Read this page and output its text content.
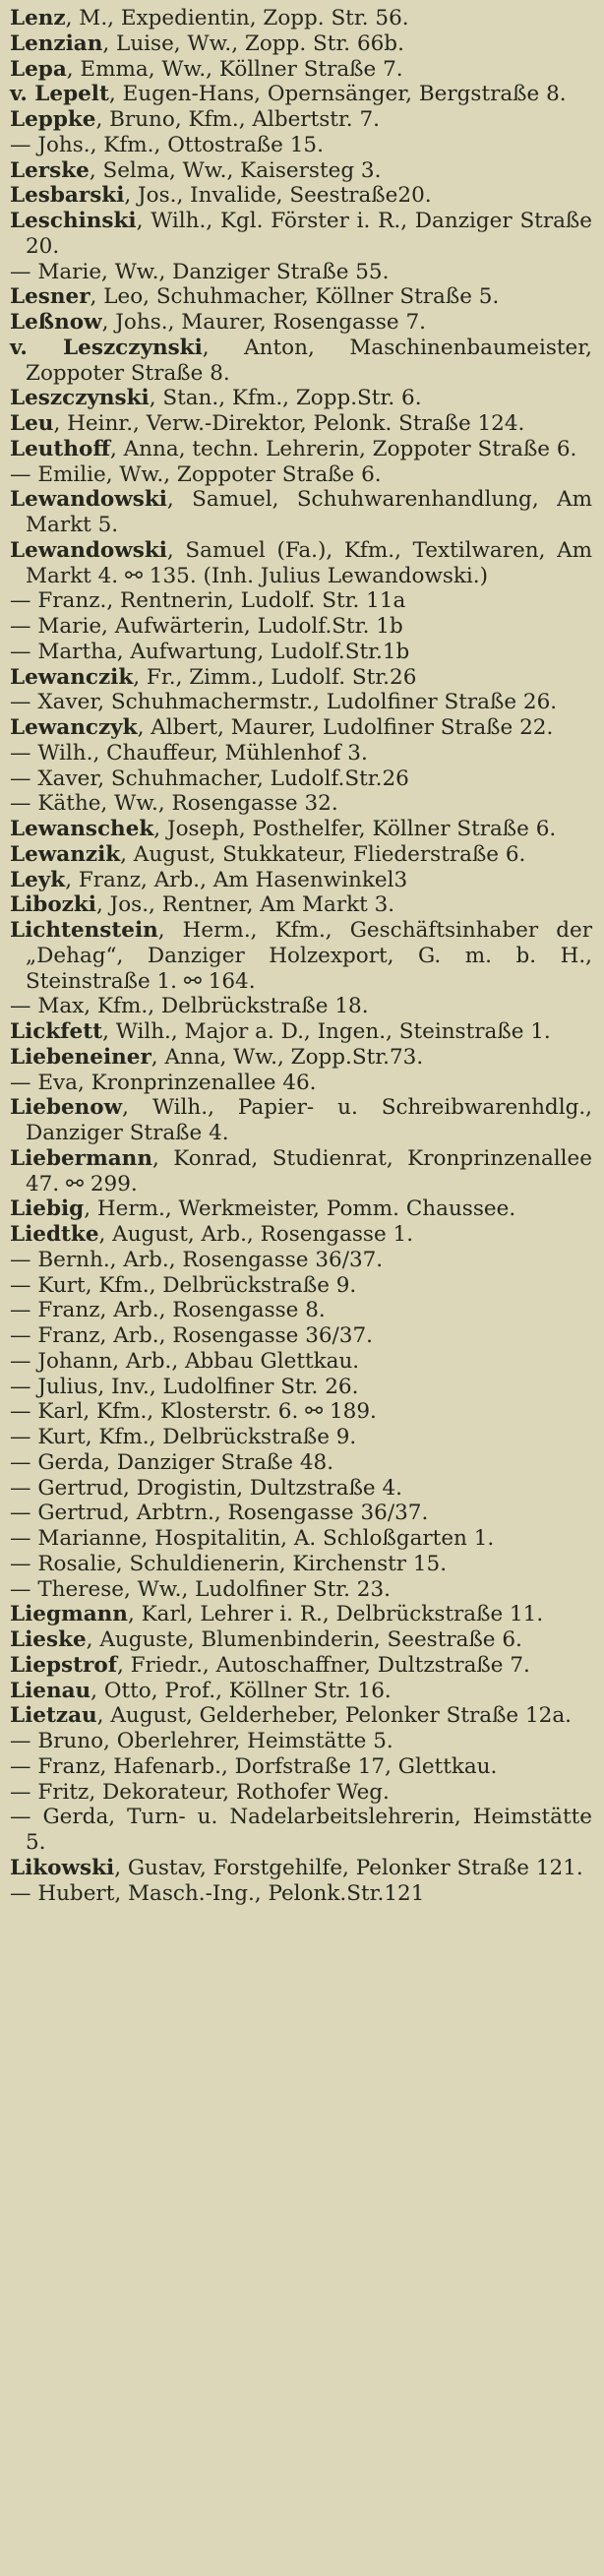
Lenz, M., Expedientin, Zopp. Str. 56.
Lenzian, Luise, Ww., Zopp. Str. 66b.
Lepa, Emma, Ww., Köllner Straße 7.
v. Lepelt, Eugen-Hans, Opernsänger, Bergstraße 8.
Leppke, Bruno, Kfm., Albertstr. 7.
— Johs., Kfm., Ottostraße 15.
Lerske, Selma, Ww., Kaisersteg 3.
Lesbarski, Jos., Invalide, Seestraße20.
Leschinski, Wilh., Kgl. Förster i. R., Danziger Straße 20.
— Marie, Ww., Danziger Straße 55.
Lesner, Leo, Schuhmacher, Köllner Straße 5.
Leßnow, Johs., Maurer, Rosengasse 7.
v. Leszczynski, Anton, Maschinenbaumeister, Zoppoter Straße 8.
Leszczynski, Stan., Kfm., Zopp.Str. 6.
Leu, Heinr., Verw.-Direktor, Pelonk. Straße 124.
Leuthoff, Anna, techn. Lehrerin, Zoppoter Straße 6.
— Emilie, Ww., Zoppoter Straße 6.
Lewandowski, Samuel, Schuhwarenhandlung, Am Markt 5.
Lewandowski, Samuel (Fa.), Kfm., Textilwaren, Am Markt 4. ⚯ 135. (Inh. Julius Lewandowski.)
— Franz., Rentnerin, Ludolf. Str. 11a
— Marie, Aufwärterin, Ludolf.Str. 1b
— Martha, Aufwartung, Ludolf.Str.1b
Lewanczik, Fr., Zimm., Ludolf. Str.26
— Xaver, Schuhmachermstr., Ludolfiner Straße 26.
Lewanczyk, Albert, Maurer, Ludolfiner Straße 22.
— Wilh., Chauffeur, Mühlenhof 3.
— Xaver, Schuhmacher, Ludolf.Str.26
— Käthe, Ww., Rosengasse 32.
Lewanschek, Joseph, Posthelfer, Köllner Straße 6.
Lewanzik, August, Stukkateur, Fliederstraße 6.
Leyk, Franz, Arb., Am Hasenwinkel3
Libozki, Jos., Rentner, Am Markt 3.
Lichtenstein, Herm., Kfm., Geschäftsinhaber der „Dehag“, Danziger Holzexport, G. m. b. H., Steinstraße 1. ⚯ 164.
— Max, Kfm., Delbrückstraße 18.
Lickfett, Wilh., Major a. D., Ingen., Steinstraße 1.
Liebeneiner, Anna, Ww., Zopp.Str.73.
— Eva, Kronprinzenallee 46.
Liebenow, Wilh., Papier- u. Schreibwarenhdlg., Danziger Straße 4.
Liebermann, Konrad, Studienrat, Kronprinzenallee 47. ⚯ 299.
Liebig, Herm., Werkmeister, Pomm. Chaussee.
Liedtke, August, Arb., Rosengasse 1.
— Bernh., Arb., Rosengasse 36/37.
— Kurt, Kfm., Delbrückstraße 9.
— Franz, Arb., Rosengasse 8.
— Franz, Arb., Rosengasse 36/37.
— Johann, Arb., Abbau Glettkau.
— Julius, Inv., Ludolfiner Str. 26.
— Karl, Kfm., Klosterstr. 6. ⚯ 189.
— Kurt, Kfm., Delbrückstraße 9.
— Gerda, Danziger Straße 48.
— Gertrud, Drogistin, Dultzstraße 4.
— Gertrud, Arbtrn., Rosengasse 36/37.
— Marianne, Hospitalitin, A. Schloßgarten 1.
— Rosalie, Schuldienerin, Kirchenstr 15.
— Therese, Ww., Ludolfiner Str. 23.
Liegmann, Karl, Lehrer i. R., Delbrückstraße 11.
Lieske, Auguste, Blumenbinderin, Seestraße 6.
Liepstrof, Friedr., Autoschaffner, Dultzstraße 7.
Lienau, Otto, Prof., Köllner Str. 16.
Lietzau, August, Gelderheber, Pelonker Straße 12a.
— Bruno, Oberlehrer, Heimstätte 5.
— Franz, Hafenarb., Dorfstraße 17, Glettkau.
— Fritz, Dekorateur, Rothofer Weg.
— Gerda, Turn- u. Nadelarbeitslehrerin, Heimstätte 5.
Likowski, Gustav, Forstgehilfe, Pelonker Straße 121.
— Hubert, Masch.-Ing., Pelonk.Str.121
